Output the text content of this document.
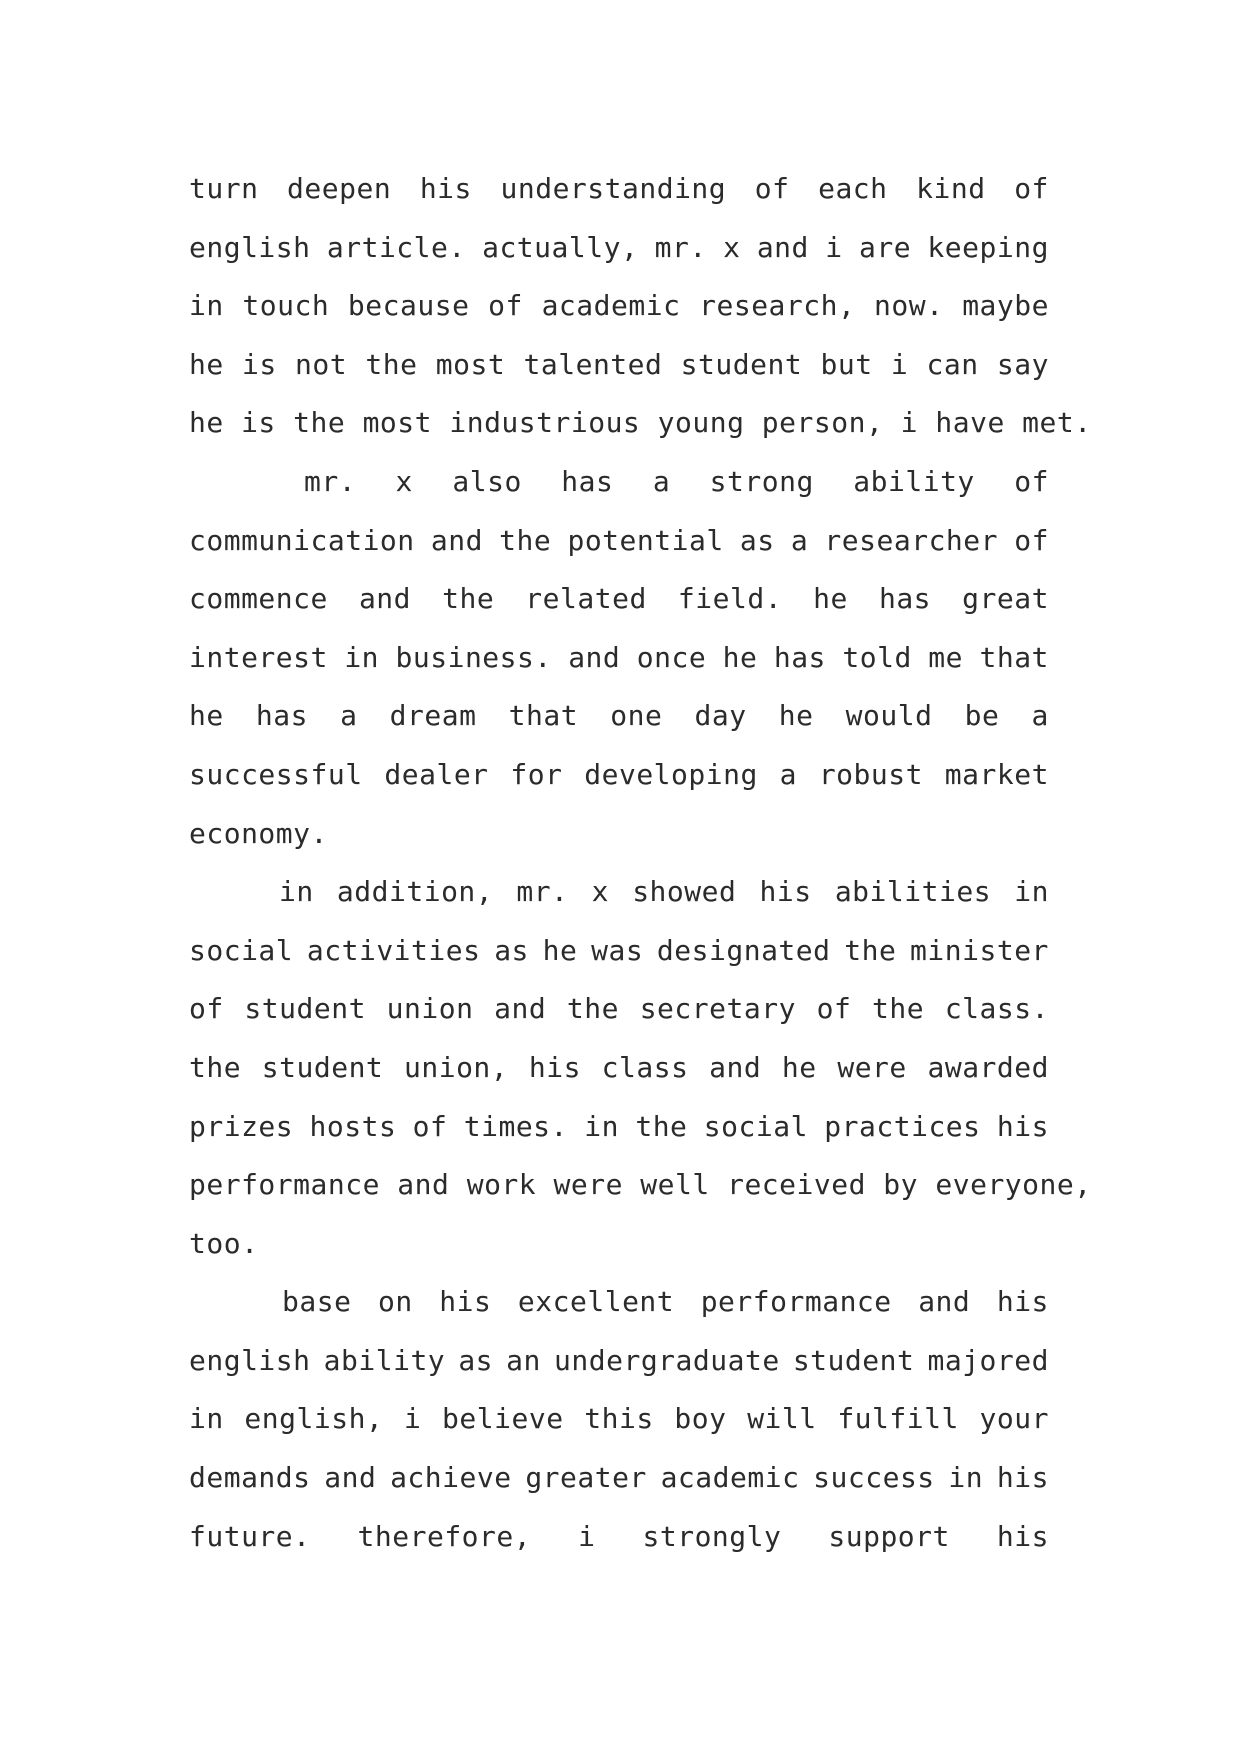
turn deepen his understanding of each kind of
english article. actually, mr. x and i are keeping
in touch because of academic research, now. maybe
he is not the most talented student but i can say
he is the most industrious young person, i have met.
mr. x also has a strong ability of
communication and the potential as a researcher of
commence and the related field. he has great
interest in business. and once he has told me that
he has a dream that one day he would be a
successful dealer for developing a robust market
economy.
in addition, mr. x showed his abilities in
social activities as he was designated the minister
of student union and the secretary of the class.
the student union, his class and he were awarded
prizes hosts of times. in the social practices his
performance and work were well received by everyone,
too.
base on his excellent performance and his
english ability as an undergraduate student majored
in english, i believe this boy will fulfill your
demands and achieve greater academic success in his
future. therefore, i strongly support his
